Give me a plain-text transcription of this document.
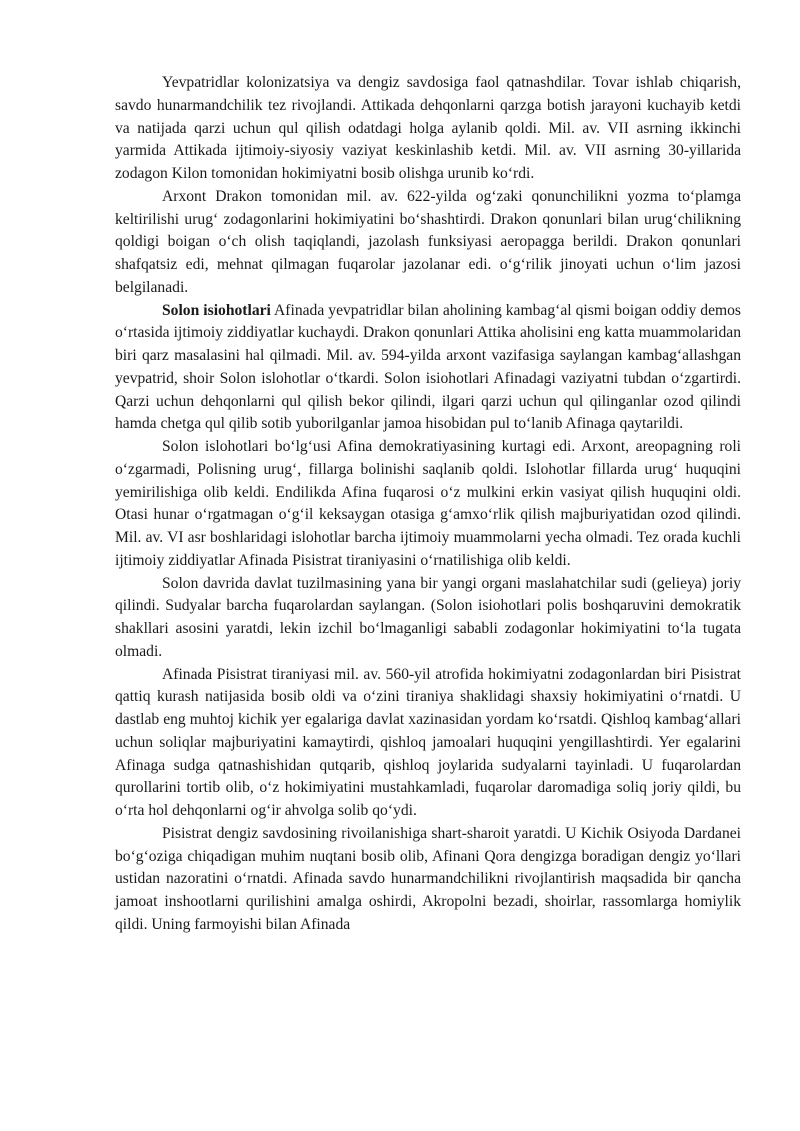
Yevpatridlar kolonizatsiya va dengiz savdosiga faol qatnashdilar. Tovar ishlab chiqarish, savdo hunarmandchilik tez rivojlandi. Attikada dehqonlarni qarzga botish jarayoni kuchayib ketdi va natijada qarzi uchun qul qilish odatdagi holga aylanib qoldi. Mil. av. VII asrning ikkinchi yarmida Attikada ijtimoiy-siyosiy vaziyat keskinlashib ketdi. Mil. av. VII asrning 30-yillarida zodagon Kilon tomonidan hokimiyatni bosib olishga urunib ko‘rdi.

Arxont Drakon tomonidan mil. av. 622-yilda og‘zaki qonunchilikni yozma to‘plamga keltirilishi urug‘ zodagonlarini hokimiyatini bo‘shashtirdi. Drakon qonunlari bilan urug‘chilikning qoldigi boigan o‘ch olish taqiqlandi, jazolash funksiyasi aeropagga berildi. Drakon qonunlari shafqatsiz edi, mehnat qilmagan fuqarolar jazolanar edi. o‘g‘rilik jinoyati uchun o‘lim jazosi belgilanadi.

Solon isiohotlari Afinada yevpatridlar bilan aholining kambag‘al qismi boigan oddiy demos o‘rtasida ijtimoiy ziddiyatlar kuchaydi. Drakon qonunlari Attika aholisini eng katta muammolaridan biri qarz masalasini hal qilmadi. Mil. av. 594-yilda arxont vazifasiga saylangan kambag‘allashgan yevpatrid, shoir Solon islohotlar o‘tkardi. Solon isiohotlari Afinadagi vaziyatni tubdan o‘zgartirdi. Qarzi uchun dehqonlarni qul qilish bekor qilindi, ilgari qarzi uchun qul qilinganlar ozod qilindi hamda chetga qul qilib sotib yuborilganlar jamoa hisobidan pul to‘lanib Afinaga qaytarildi.

Solon islohotlari bo‘lg‘usi Afina demokratiyasining kurtagi edi. Arxont, areopagning roli o‘zgarmadi, Polisning urug‘, fillarga bolinishi saqlanib qoldi. Islohotlar fillarda urug‘ huquqini yemirilishiga olib keldi. Endilikda Afina fuqarosi o‘z mulkini erkin vasiyat qilish huquqini oldi. Otasi hunar o‘rgatmagan o‘g‘il keksaygan otasiga g‘amxo‘rlik qilish majburiyatidan ozod qilindi. Mil. av. VI asr boshlaridagi islohotlar barcha ijtimoiy muammolarni yecha olmadi. Tez orada kuchli ijtimoiy ziddiyatlar Afinada Pisistrat tiraniyasini o‘rnatilishiga olib keldi.

Solon davrida davlat tuzilmasining yana bir yangi organi maslahatchilar sudi (gelieya) joriy qilindi. Sudyalar barcha fuqarolardan saylangan. (Solon isiohotlari polis boshqaruvini demokratik shakllari asosini yaratdi, lekin izchil bo‘lmaganligi sababli zodagonlar hokimiyatini to‘la tugata olmadi.

Afinada Pisistrat tiraniyasi mil. av. 560-yil atrofida hokimiyatni zodagonlardan biri Pisistrat qattiq kurash natijasida bosib oldi va o‘zini tiraniya shaklidagi shaxsiy hokimiyatini o‘rnatdi. U dastlab eng muhtoj kichik yer egalariga davlat xazinasidan yordam ko‘rsatdi. Qishloq kambag‘allari uchun soliqlar majburiyatini kamaytirdi, qishloq jamoalari huquqini yengillashtirdi. Yer egalarini Afinaga sudga qatnashishidan qutqarib, qishloq joylarida sudyalarni tayinladi. U fuqarolardan qurollarini tortib olib, o‘z hokimiyatini mustahkamladi, fuqarolar daromadiga soliq joriy qildi, bu o‘rta hol dehqonlarni og‘ir ahvolga solib qo‘ydi.

Pisistrat dengiz savdosining rivoilanishiga shart-sharoit yaratdi. U Kichik Osiyoda Dardanei bo‘g‘oziga chiqadigan muhim nuqtani bosib olib, Afinani Qora dengizga boradigan dengiz yo‘llari ustidan nazoratini o‘rnatdi. Afinada savdo hunarmandchilikni rivojlantirish maqsadida bir qancha jamoat inshootlarni qurilishini amalga oshirdi, Akropolni bezadi, shoirlar, rassomlarga homiylik qildi. Uning farmoyishi bilan Afinada
